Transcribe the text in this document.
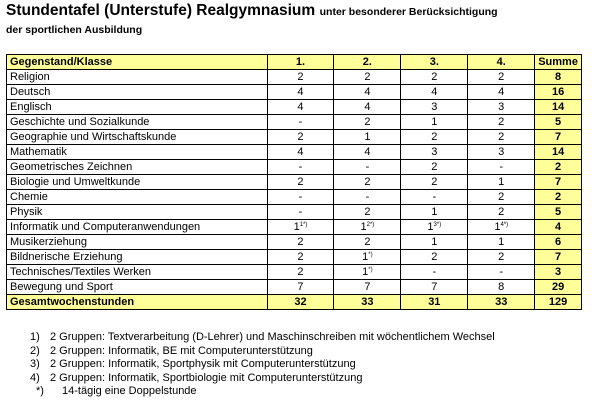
Stundentafel (Unterstufe) Realgymnasium unter besonderer Berücksichtigung
der sportlichen Ausbildung
Gegenstand/Klasse	1.	2.	3.	4.	Summe
Religion	2	2	2	2	8
Deutsch	4	4	4	4	16
Englisch	4	4	3	3	14
Geschichte und Sozialkunde	-	2	1	2	5
Geographie und Wirtschaftskunde	2	1	2	2	7
Mathematik	4	4	3	3	14
Geometrisches Zeichnen	-	-	2	-	2
Biologie und Umweltkunde	2	2	2	1	7
Chemie	-	-	-	2	2
Physik	-	2	1	2	5
Informatik und Computeranwendungen	$1^{1*)}$	$1^{2*)}$	$1^{3*)}$	$1^{4*)}$	4
Musikerziehung	2	2	1	1	6
Bildnerische Erziehung	2	1*)	2	2	7
Technisches/Textiles Werken	2	1*)	-	-	3
Bewegung und Sport	7	7	7	8	29
Gesamtwochenstunden	32	33	31	33	129
1) 2 Gruppen: Textverarbeitung (D-Lehrer) und Maschinschreiben mit wöchentlichem Wechsel
2) 2 Gruppen: Informatik, BE mit Computerunterstützung
3) 2 Gruppen: Informatik, Sportphysik mit Computerunterstützung
4) 2 Gruppen: Informatik, Sportbiologie mit Computerunterstützung
*)	14-tägig eine Doppelstunde
